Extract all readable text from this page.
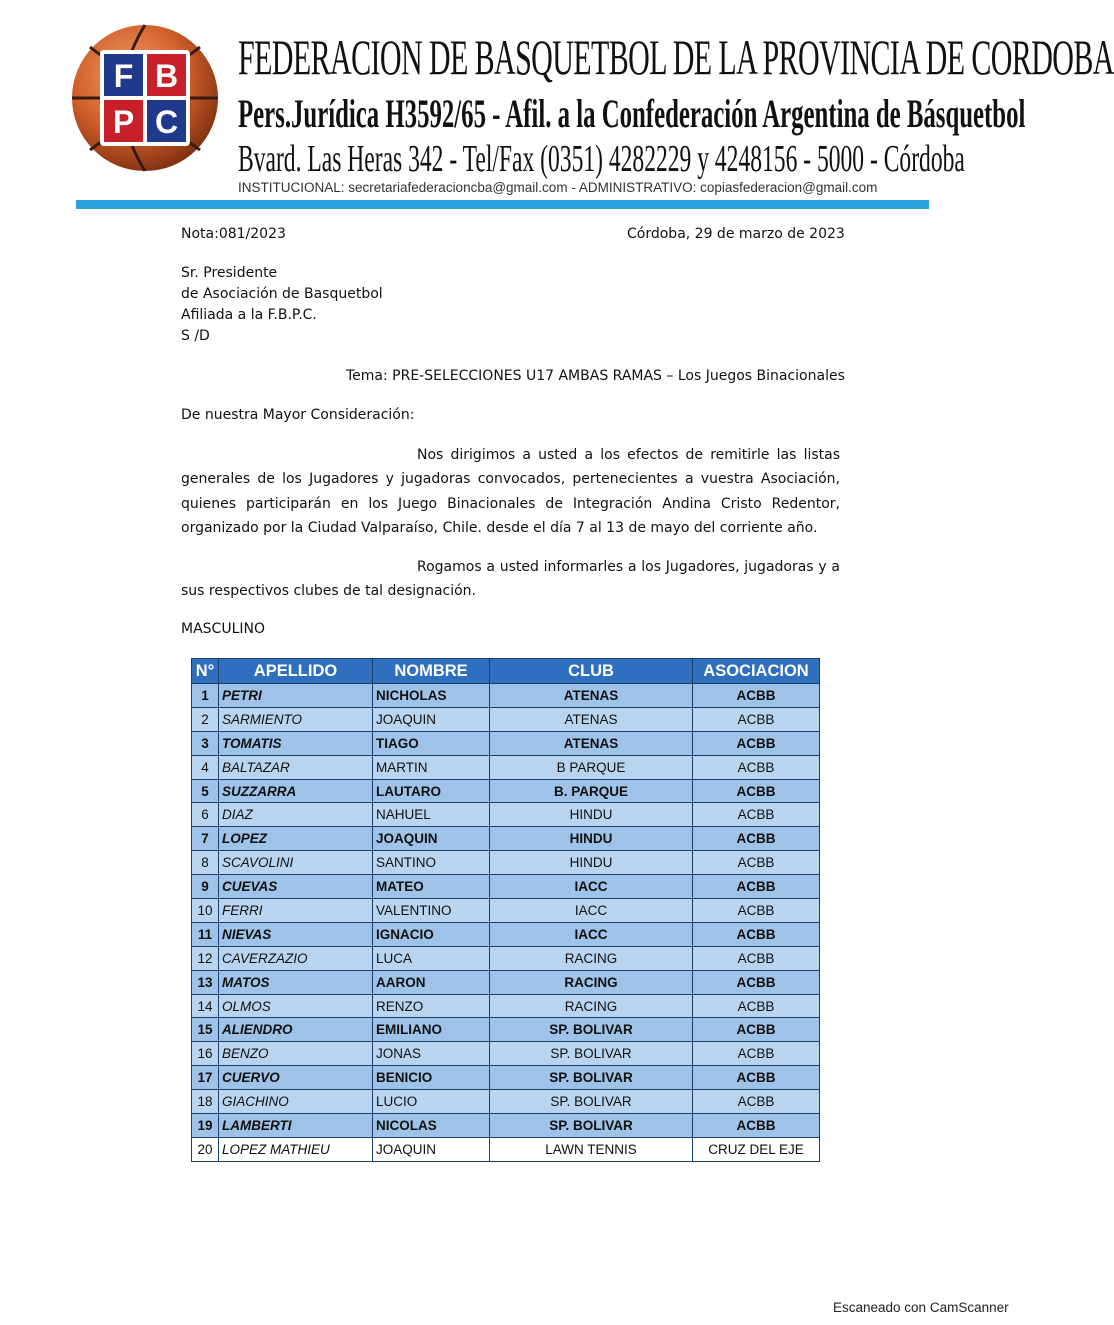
F B
P C
FEDERACION DE BASQUETBOL DE LA PROVINCIA DE CORDOBA
Pers.Jurídica H3592/65 - Afil. a la Confederación Argentina de Básquetbol
Bvard. Las Heras 342 - Tel/Fax (0351) 4282229 y 4248156 - 5000 - Córdoba
INSTITUCIONAL: secretariafederacioncba@gmail.com - ADMINISTRATIVO: copiasfederacion@gmail.com
Nota:081/2023	Córdoba, 29 de marzo de 2023
Sr. Presidente
de Asociación de Basquetbol
Afiliada a la F.B.P.C.
S /D
Tema: PRE-SELECCIONES U17 AMBAS RAMAS – Los Juegos Binacionales
De nuestra Mayor Consideración:
Nos dirigimos a usted a los efectos de remitirle las listas generales de los Jugadores y jugadoras convocados, pertenecientes a vuestra Asociación, quienes participarán en los Juego Binacionales de Integración Andina Cristo Redentor, organizado por la Ciudad Valparaíso, Chile. desde el día 7 al 13 de mayo del corriente año.
Rogamos a usted informarles a los Jugadores, jugadoras y a sus respectivos clubes de tal designación.
MASCULINO
N°	APELLIDO	NOMBRE	CLUB	ASOCIACION
1	PETRI	NICHOLAS	ATENAS	ACBB
2	SARMIENTO	JOAQUIN	ATENAS	ACBB
3	TOMATIS	TIAGO	ATENAS	ACBB
4	BALTAZAR	MARTIN	B PARQUE	ACBB
5	SUZZARRA	LAUTARO	B. PARQUE	ACBB
6	DIAZ	NAHUEL	HINDU	ACBB
7	LOPEZ	JOAQUIN	HINDU	ACBB
8	SCAVOLINI	SANTINO	HINDU	ACBB
9	CUEVAS	MATEO	IACC	ACBB
10	FERRI	VALENTINO	IACC	ACBB
11	NIEVAS	IGNACIO	IACC	ACBB
12	CAVERZAZIO	LUCA	RACING	ACBB
13	MATOS	AARON	RACING	ACBB
14	OLMOS	RENZO	RACING	ACBB
15	ALIENDRO	EMILIANO	SP. BOLIVAR	ACBB
16	BENZO	JONAS	SP. BOLIVAR	ACBB
17	CUERVO	BENICIO	SP. BOLIVAR	ACBB
18	GIACHINO	LUCIO	SP. BOLIVAR	ACBB
19	LAMBERTI	NICOLAS	SP. BOLIVAR	ACBB
20	LOPEZ MATHIEU	JOAQUIN	LAWN TENNIS	CRUZ DEL EJE
Escaneado con CamScanner
